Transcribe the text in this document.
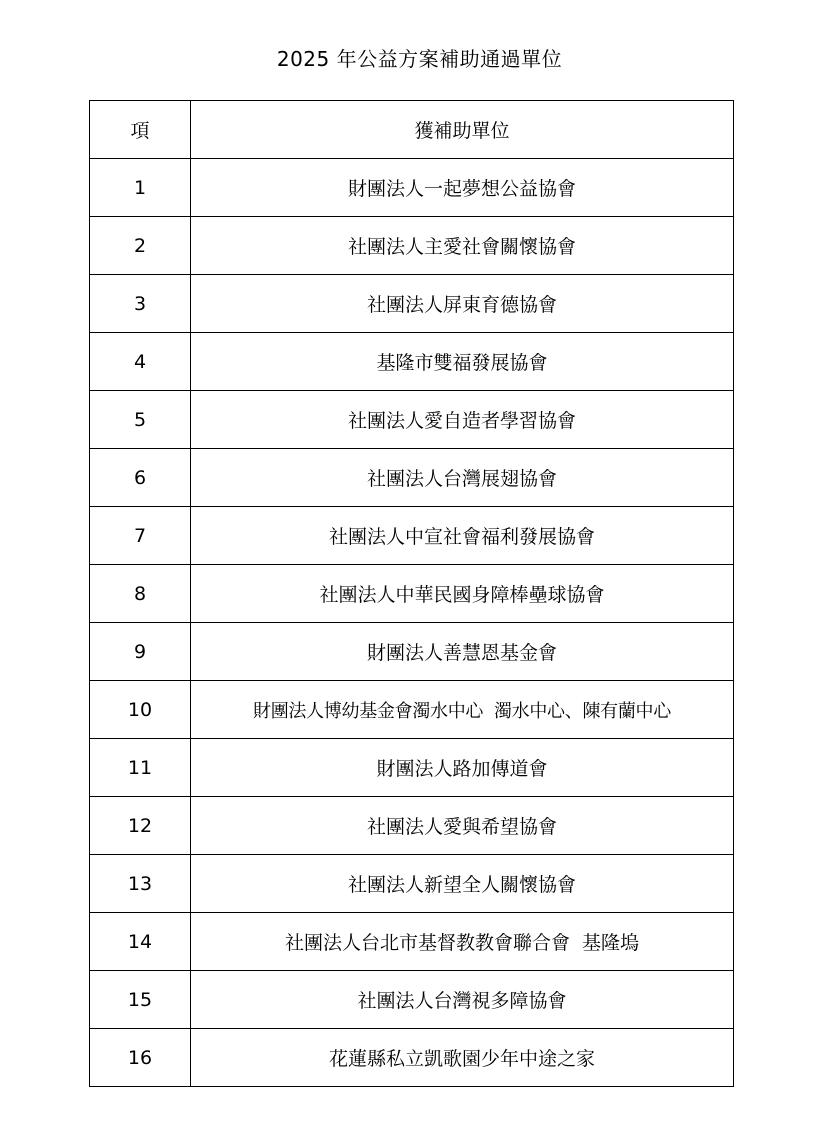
2025 年公益方案補助通過單位
項	獲補助單位
1	財團法人一起夢想公益協會
2	社團法人主愛社會關懷協會
3	社團法人屏東育德協會
4	基隆市雙福發展協會
5	社團法人愛自造者學習協會
6	社團法人台灣展翅協會
7	社團法人中宣社會福利發展協會
8	社團法人中華民國身障棒壘球協會
9	財團法人善慧恩基金會
10	財團法人博幼基金會濁水中心  濁水中心、陳有蘭中心
11	財團法人路加傳道會
12	社團法人愛與希望協會
13	社團法人新望全人關懷協會
14	社團法人台北市基督教教會聯合會  基隆塢
15	社團法人台灣視多障協會
16	花蓮縣私立凱歌園少年中途之家
